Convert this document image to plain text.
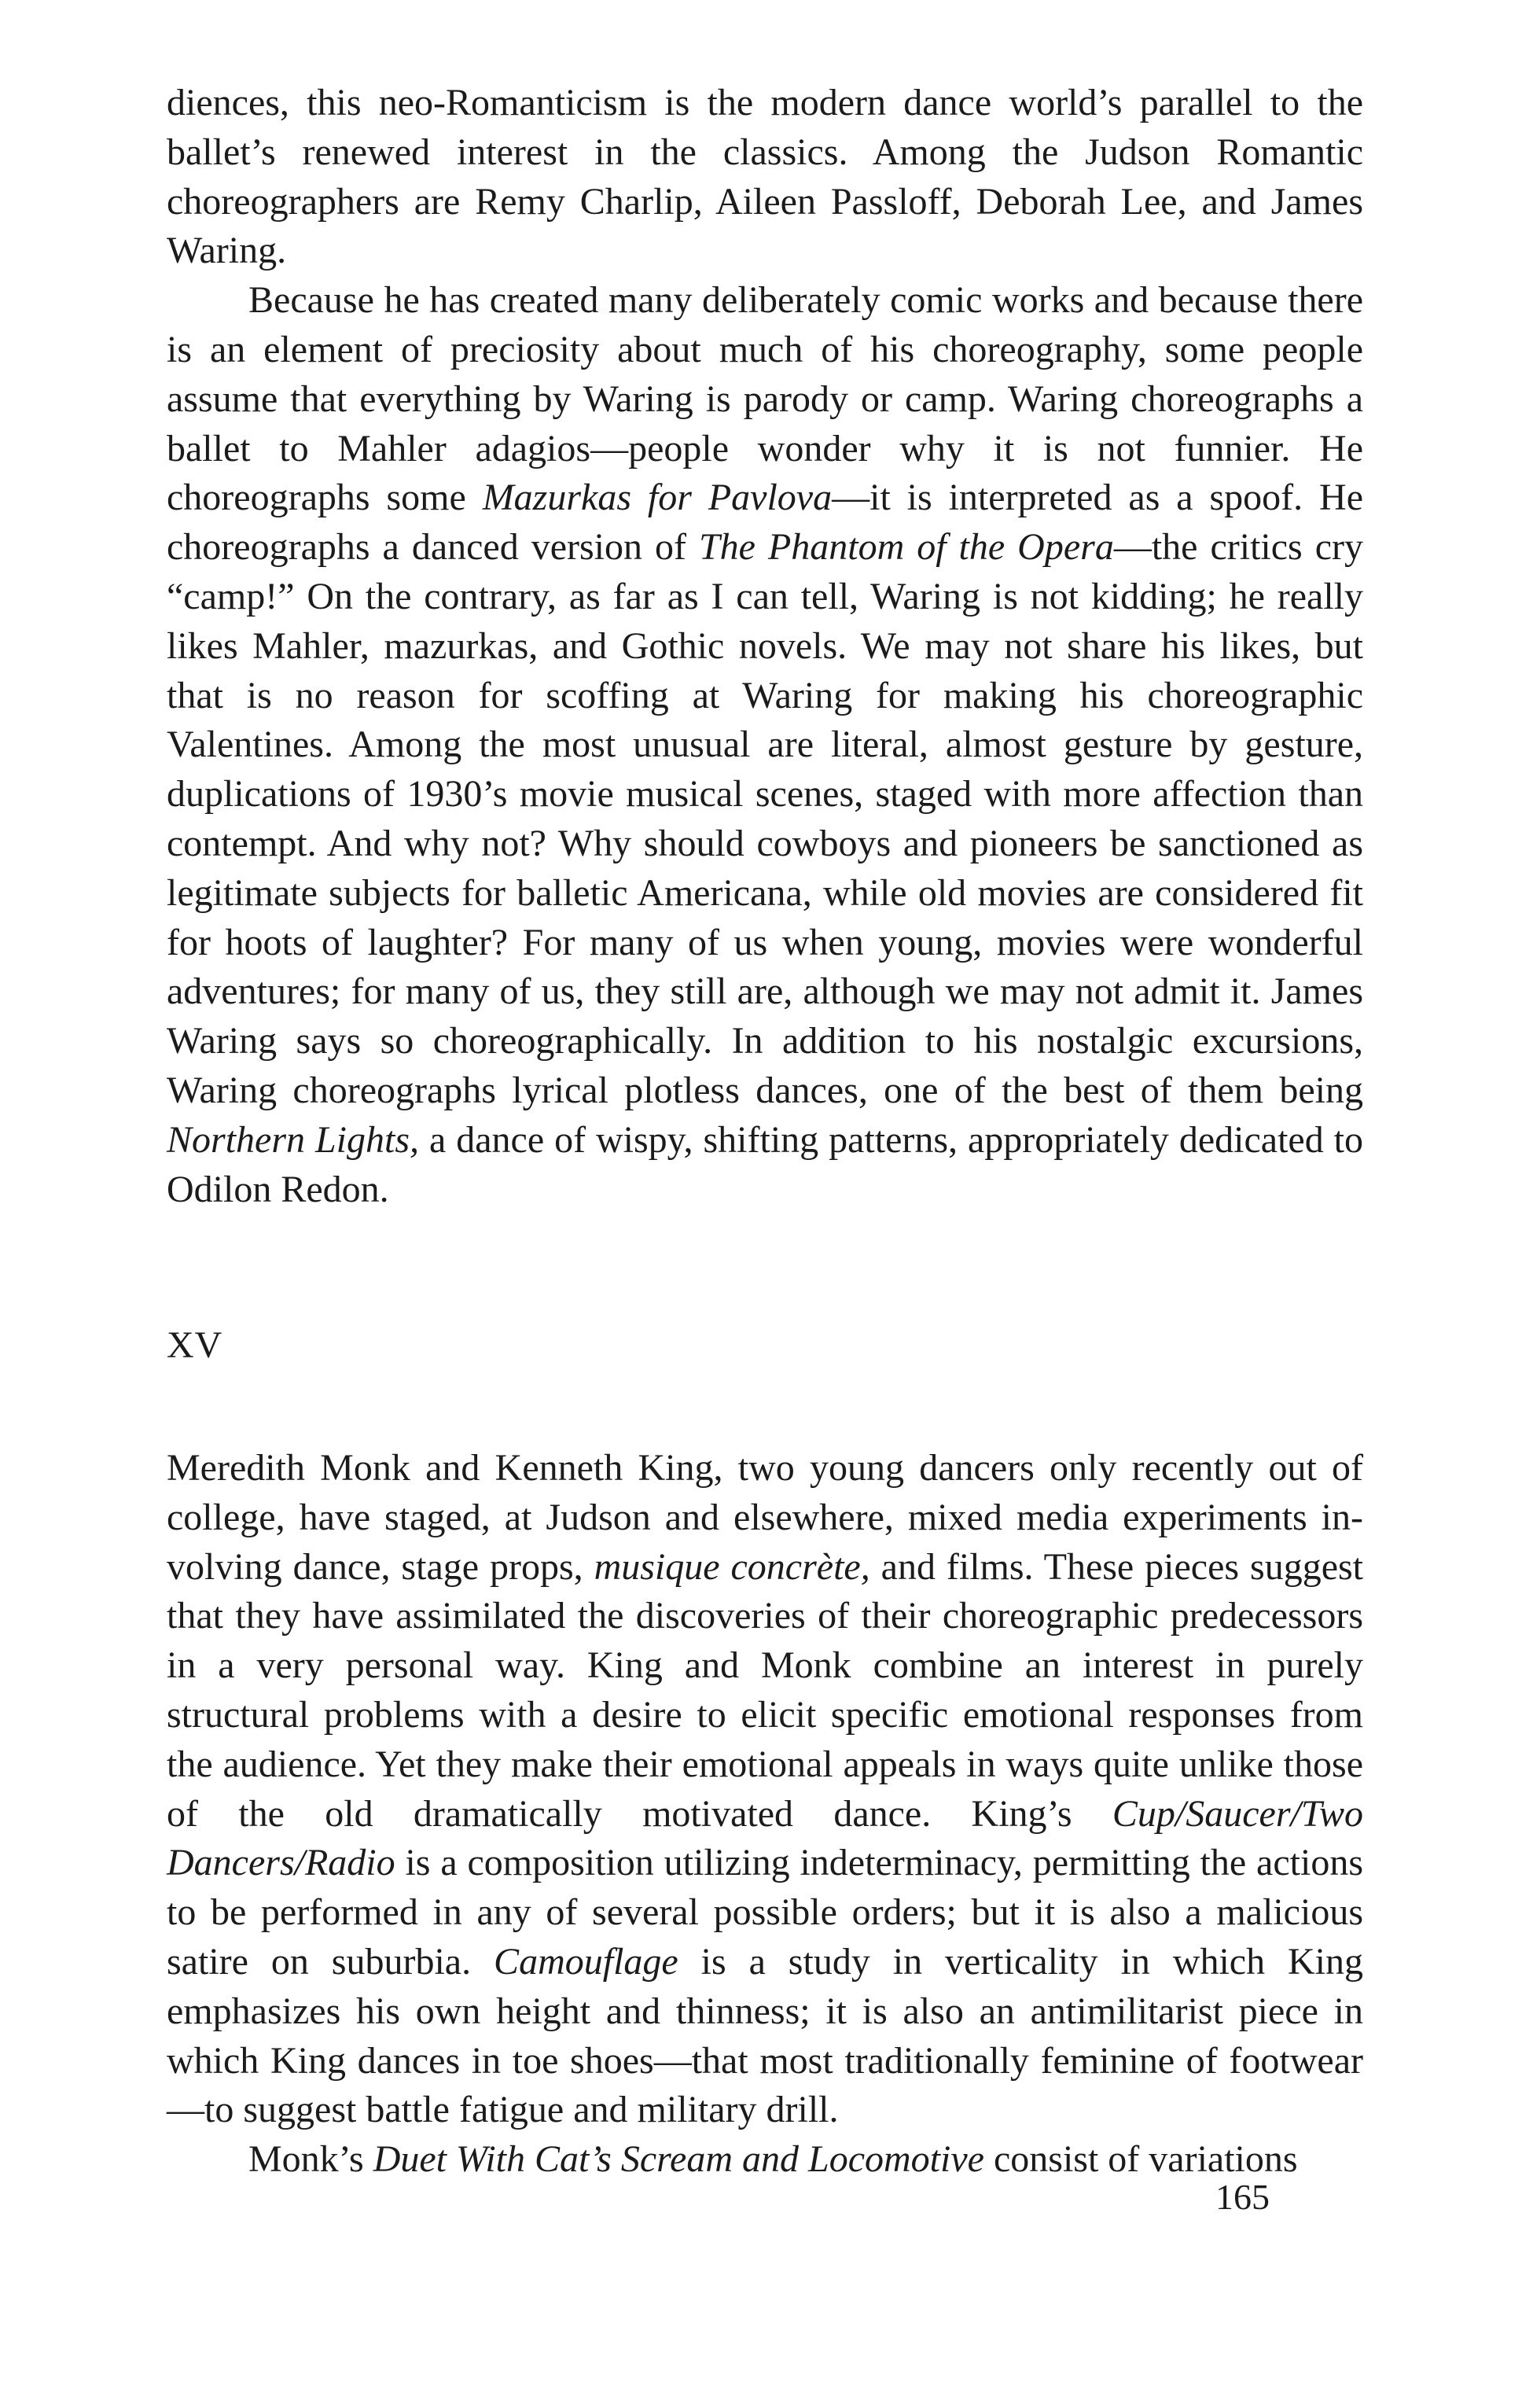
diences, this neo-Romanticism is the modern dance world’s parallel to the ballet’s renewed interest in the classics. Among the Judson Romantic choreographers are Remy Charlip, Aileen Passloff, Deborah Lee, and James Waring.

Because he has created many deliberately comic works and because there is an element of preciosity about much of his choreography, some people assume that everything by Waring is parody or camp. Waring choreographs a ballet to Mahler adagios—people wonder why it is not funnier. He choreographs some Mazurkas for Pavlova—it is interpreted as a spoof. He choreographs a danced version of The Phantom of the Opera—the critics cry “camp!” On the contrary, as far as I can tell, Waring is not kidding; he really likes Mahler, mazurkas, and Gothic novels. We may not share his likes, but that is no reason for scoffing at Waring for making his choreographic Valentines. Among the most unusual are literal, almost gesture by gesture, duplications of 1930’s movie musical scenes, staged with more affection than contempt. And why not? Why should cowboys and pioneers be sanctioned as legitimate subjects for balletic Americana, while old movies are considered fit for hoots of laughter? For many of us when young, movies were wonderful adventures; for many of us, they still are, although we may not admit it. James Waring says so choreographically. In addition to his nostalgic excursions, Waring choreographs lyrical plotless dances, one of the best of them being Northern Lights, a dance of wispy, shifting patterns, appropriately dedicated to Odilon Redon.

XV

Meredith Monk and Kenneth King, two young dancers only recently out of college, have staged, at Judson and elsewhere, mixed media experiments involving dance, stage props, musique concrète, and films. These pieces suggest that they have assimilated the discoveries of their choreographic predecessors in a very personal way. King and Monk combine an interest in purely structural problems with a desire to elicit specific emotional responses from the audience. Yet they make their emotional appeals in ways quite unlike those of the old dramatically motivated dance. King’s Cup/Saucer/Two Dancers/Radio is a composition utilizing indeterminacy, permitting the actions to be performed in any of several possible orders; but it is also a malicious satire on suburbia. Camouflage is a study in verticality in which King emphasizes his own height and thinness; it is also an antimilitarist piece in which King dances in toe shoes—that most traditionally feminine of footwear—to suggest battle fatigue and military drill.

Monk’s Duet With Cat’s Scream and Locomotive consist of variations

165
